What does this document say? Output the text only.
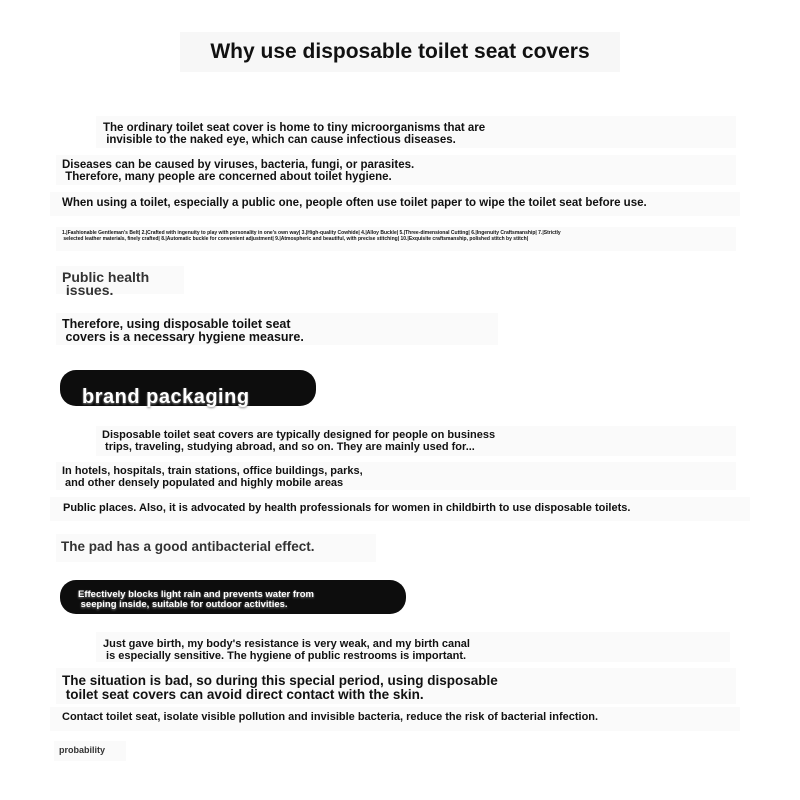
Why use disposable toilet seat covers
The ordinary toilet seat cover is home to tiny microorganisms that are
invisible to the naked eye, which can cause infectious diseases.
Diseases can be caused by viruses, bacteria, fungi, or parasites.
Therefore, many people are concerned about toilet hygiene.
When using a toilet, especially a public one, people often use toilet paper to wipe the toilet seat before use.
1.|Fashionable Gentleman's Belt| 2.|Crafted with ingenuity to play with personality in one's own way| 3.|High-quality Cowhide| 4.|Alloy Buckle| 5.|Three-dimensional Cutting| 6.|Ingenuity Craftsmanship| 7.|Strictly
selected leather materials, finely crafted| 8.|Automatic buckle for convenient adjustment| 9.|Atmospheric and beautiful, with precise stitching| 10.|Exquisite craftsmanship, polished stitch by stitch|
Public health
issues.
Therefore, using disposable toilet seat
covers is a necessary hygiene measure.
brand packaging
Disposable toilet seat covers are typically designed for people on business
trips, traveling, studying abroad, and so on. They are mainly used for...
In hotels, hospitals, train stations, office buildings, parks,
and other densely populated and highly mobile areas
Public places. Also, it is advocated by health professionals for women in childbirth to use disposable toilets.
The pad has a good antibacterial effect.
Effectively blocks light rain and prevents water from
seeping inside, suitable for outdoor activities.
Just gave birth, my body's resistance is very weak, and my birth canal
is especially sensitive. The hygiene of public restrooms is important.
The situation is bad, so during this special period, using disposable
toilet seat covers can avoid direct contact with the skin.
Contact toilet seat, isolate visible pollution and invisible bacteria, reduce the risk of bacterial infection.
probability
